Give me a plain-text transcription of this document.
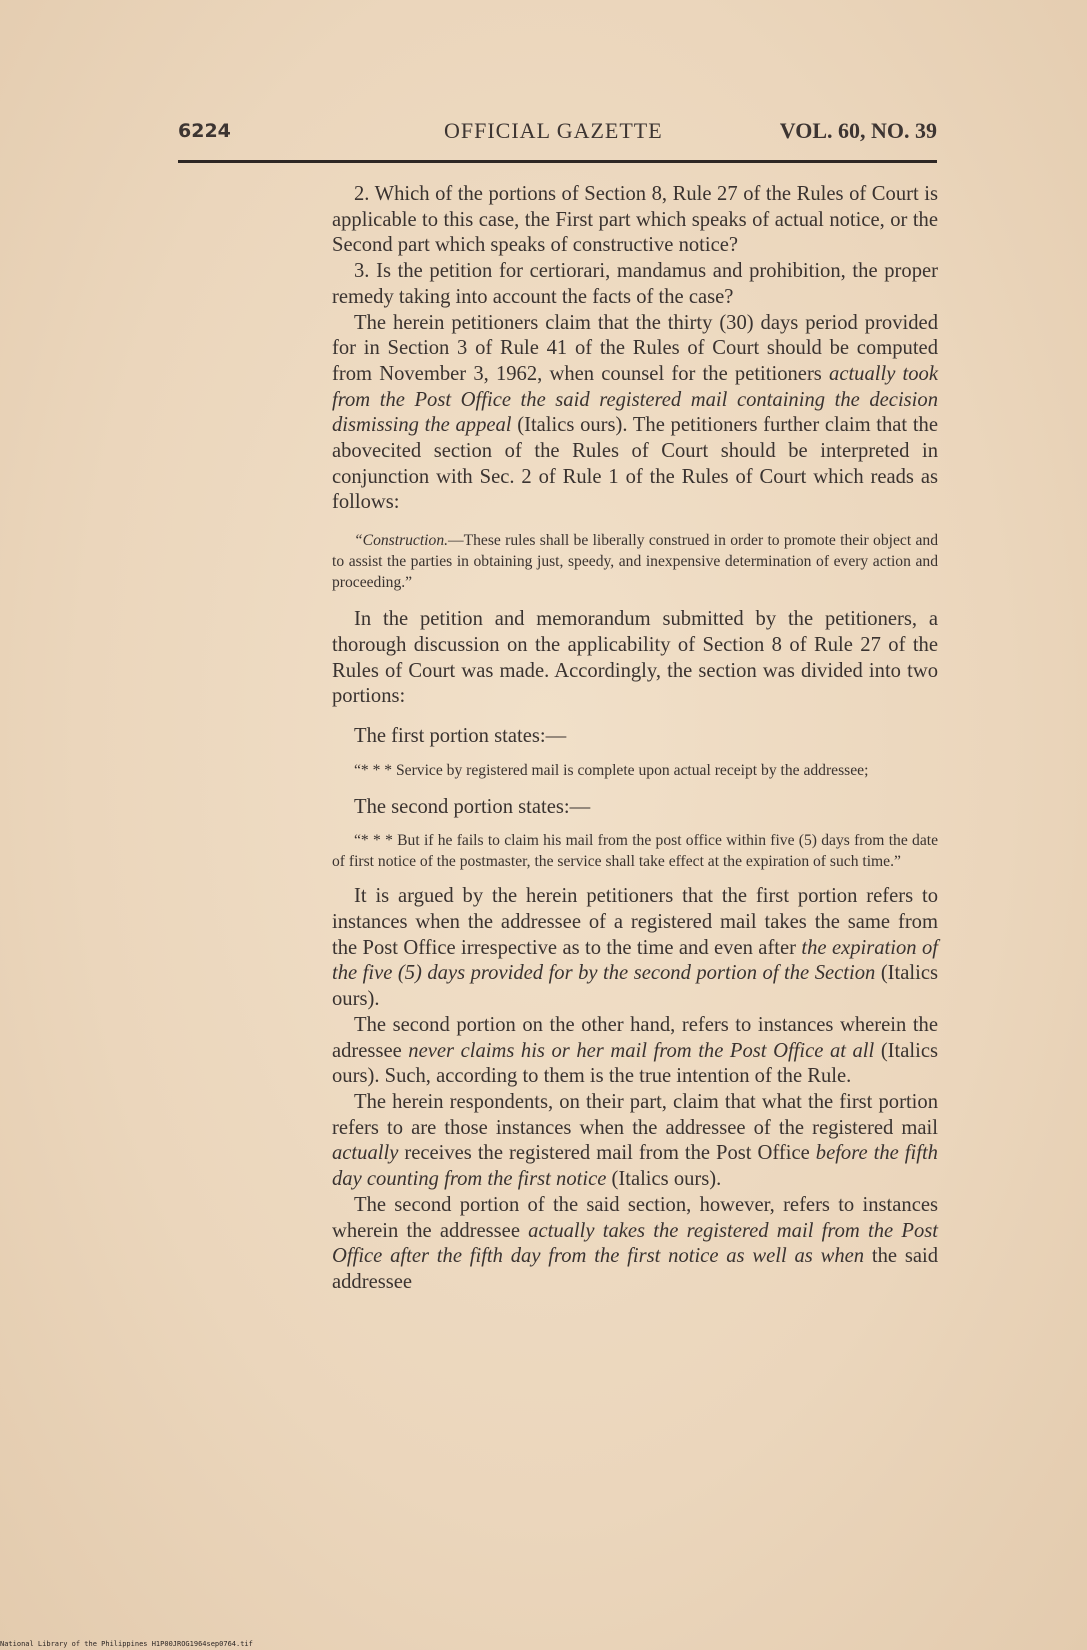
6224	OFFICIAL GAZETTE	VOL. 60, NO. 39

2. Which of the portions of Section 8, Rule 27 of the Rules of Court is applicable to this case, the First part which speaks of actual notice, or the Second part which speaks of constructive notice?

3. Is the petition for certiorari, mandamus and prohibition, the proper remedy taking into account the facts of the case?

The herein petitioners claim that the thirty (30) days period provided for in Section 3 of Rule 41 of the Rules of Court should be computed from November 3, 1962, when counsel for the petitioners actually took from the Post Office the said registered mail containing the decision dismissing the appeal (Italics ours). The petitioners further claim that the abovecited section of the Rules of Court should be interpreted in conjunction with Sec. 2 of Rule 1 of the Rules of Court which reads as follows:

“Construction.—These rules shall be liberally construed in order to promote their object and to assist the parties in obtaining just, speedy, and inexpensive determination of every action and proceeding.”

In the petition and memorandum submitted by the petitioners, a thorough discussion on the applicability of Section 8 of Rule 27 of the Rules of Court was made. Accordingly, the section was divided into two portions:

The first portion states:—
“* * * Service by registered mail is complete upon actual receipt by the addressee;
The second portion states:—
“* * * But if he fails to claim his mail from the post office within five (5) days from the date of first notice of the postmaster, the service shall take effect at the expiration of such time.”

It is argued by the herein petitioners that the first portion refers to instances when the addressee of a registered mail takes the same from the Post Office irrespective as to the time and even after the expiration of the five (5) days provided for by the second portion of the Section (Italics ours).

The second portion on the other hand, refers to instances wherein the adressee never claims his or her mail from the Post Office at all (Italics ours). Such, according to them is the true intention of the Rule.

The herein respondents, on their part, claim that what the first portion refers to are those instances when the addressee of the registered mail actually receives the registered mail from the Post Office before the fifth day counting from the first notice (Italics ours).

The second portion of the said section, however, refers to instances wherein the addressee actually takes the registered mail from the Post Office after the fifth day from the first notice as well as when the said addressee

National Library of the Philippines H1P00JROG1964sep0764.tif
